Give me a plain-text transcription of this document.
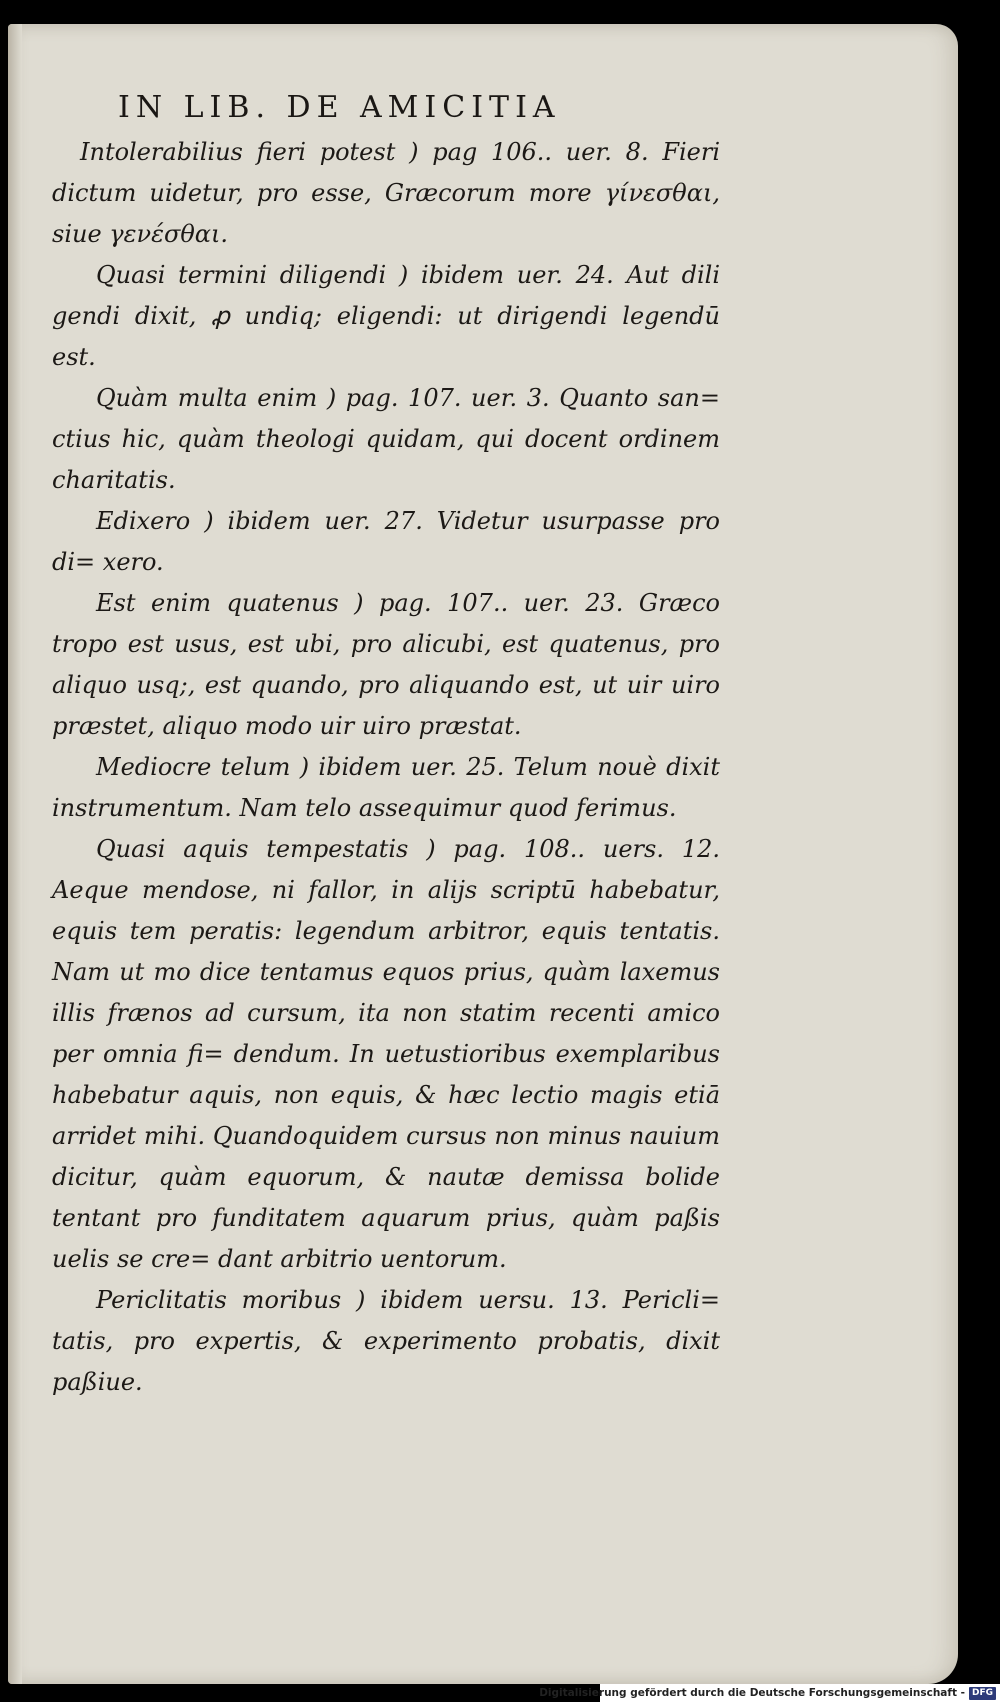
IN LIB. DE AMICITIA

Intolerabilius fieri potest ) pag 106.. uer. 8. Fieri dictum uidetur, pro esse, Græcorum more γίνεσθαι, siue γενέσθαι.

Quasi termini diligendi ) ibidem uer. 24. Aut dili gendi dixit, ꝓ undiq; eligendi: ut dirigendi legendū est.

Quàm multa enim ) pag. 107. uer. 3. Quanto san= ctius hic, quàm theologi quidam, qui docent ordinem charitatis.

Edixero ) ibidem uer. 27. Videtur usurpasse pro di= xero.

Est enim quatenus ) pag. 107.. uer. 23. Græco tropo est usus, est ubi, pro alicubi, est quatenus, pro aliquo usq;, est quando, pro aliquando est, ut uir uiro præstet, aliquo modo uir uiro præstat.

Mediocre telum ) ibidem uer. 25. Telum nouè dixit instrumentum. Nam telo assequimur quod ferimus.

Quasi aquis tempestatis ) pag. 108.. uers. 12. Aeque mendose, ni fallor, in alijs scriptū habebatur, equis tem peratis: legendum arbitror, equis tentatis. Nam ut mo dice tentamus equos prius, quàm laxemus illis frænos ad cursum, ita non statim recenti amico per omnia fi= dendum. In uetustioribus exemplaribus habebatur aquis, non equis, & hæc lectio magis etiā arridet mihi. Quandoquidem cursus non minus nauium dicitur, quàm equorum, & nautæ demissa bolide tentant pro funditatem aquarum prius, quàm paßis uelis se cre= dant arbitrio uentorum.

Periclitatis moribus ) ibidem uersu. 13. Pericli= tatis, pro expertis, & experimento probatis, dixit paßiue.

Digitalisierung gefördert durch die Deutsche Forschungsgemeinschaft - DFG
